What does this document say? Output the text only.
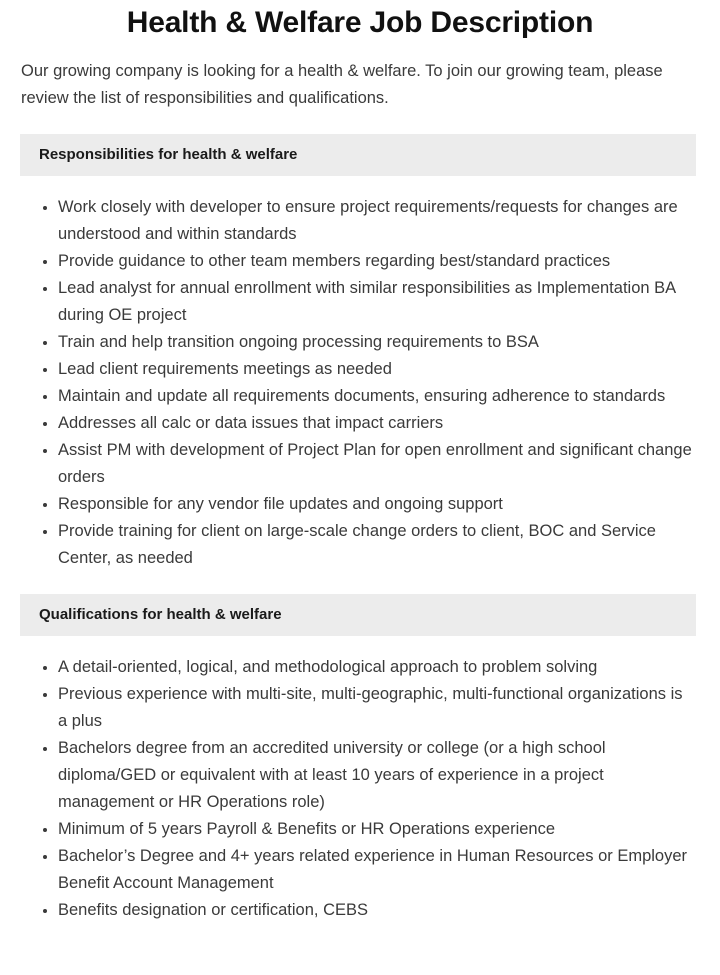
Health & Welfare Job Description

Our growing company is looking for a health & welfare. To join our growing team, please review the list of responsibilities and qualifications.

Responsibilities for health & welfare
Work closely with developer to ensure project requirements/requests for changes are understood and within standards
Provide guidance to other team members regarding best/standard practices
Lead analyst for annual enrollment with similar responsibilities as Implementation BA during OE project
Train and help transition ongoing processing requirements to BSA
Lead client requirements meetings as needed
Maintain and update all requirements documents, ensuring adherence to standards
Addresses all calc or data issues that impact carriers
Assist PM with development of Project Plan for open enrollment and significant change orders
Responsible for any vendor file updates and ongoing support
Provide training for client on large-scale change orders to client, BOC and Service Center, as needed
Qualifications for health & welfare
A detail-oriented, logical, and methodological approach to problem solving
Previous experience with multi-site, multi-geographic, multi-functional organizations is a plus
Bachelors degree from an accredited university or college (or a high school diploma/GED or equivalent with at least 10 years of experience in a project management or HR Operations role)
Minimum of 5 years Payroll & Benefits or HR Operations experience
Bachelor’s Degree and 4+ years related experience in Human Resources or Employer Benefit Account Management
Benefits designation or certification, CEBS
